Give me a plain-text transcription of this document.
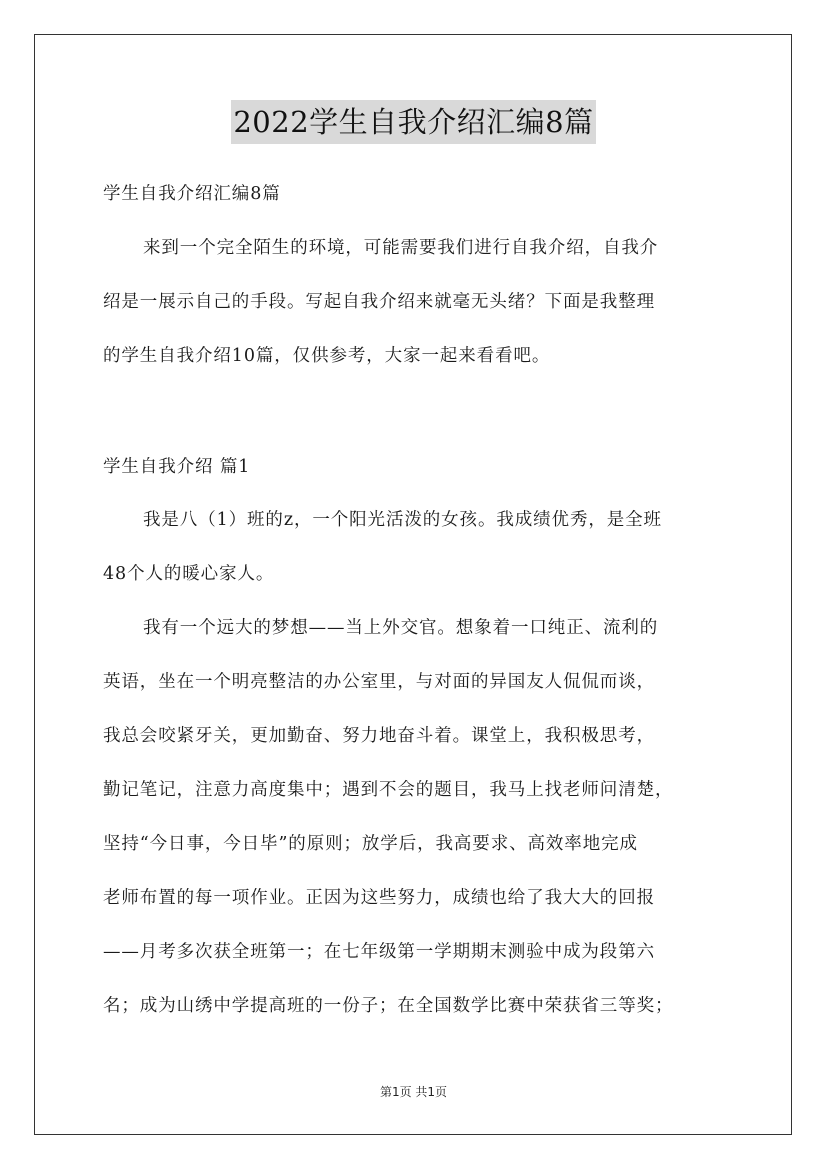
2022学生自我介绍汇编8篇
学生自我介绍汇编8篇
来到一个完全陌生的环境，可能需要我们进行自我介绍，自我介
绍是一展示自己的手段。写起自我介绍来就毫无头绪？下面是我整理
的学生自我介绍10篇，仅供参考，大家一起来看看吧。
学生自我介绍 篇1
我是八（1）班的z，一个阳光活泼的女孩。我成绩优秀，是全班
48个人的暖心家人。
我有一个远大的梦想——当上外交官。想象着一口纯正、流利的
英语，坐在一个明亮整洁的办公室里，与对面的异国友人侃侃而谈，
我总会咬紧牙关，更加勤奋、努力地奋斗着。课堂上，我积极思考，
勤记笔记，注意力高度集中；遇到不会的题目，我马上找老师问清楚，
坚持“今日事，今日毕”的原则；放学后，我高要求、高效率地完成
老师布置的每一项作业。正因为这些努力，成绩也给了我大大的回报
——月考多次获全班第一；在七年级第一学期期末测验中成为段第六
名；成为山绣中学提高班的一份子；在全国数学比赛中荣获省三等奖；
第1页 共1页
